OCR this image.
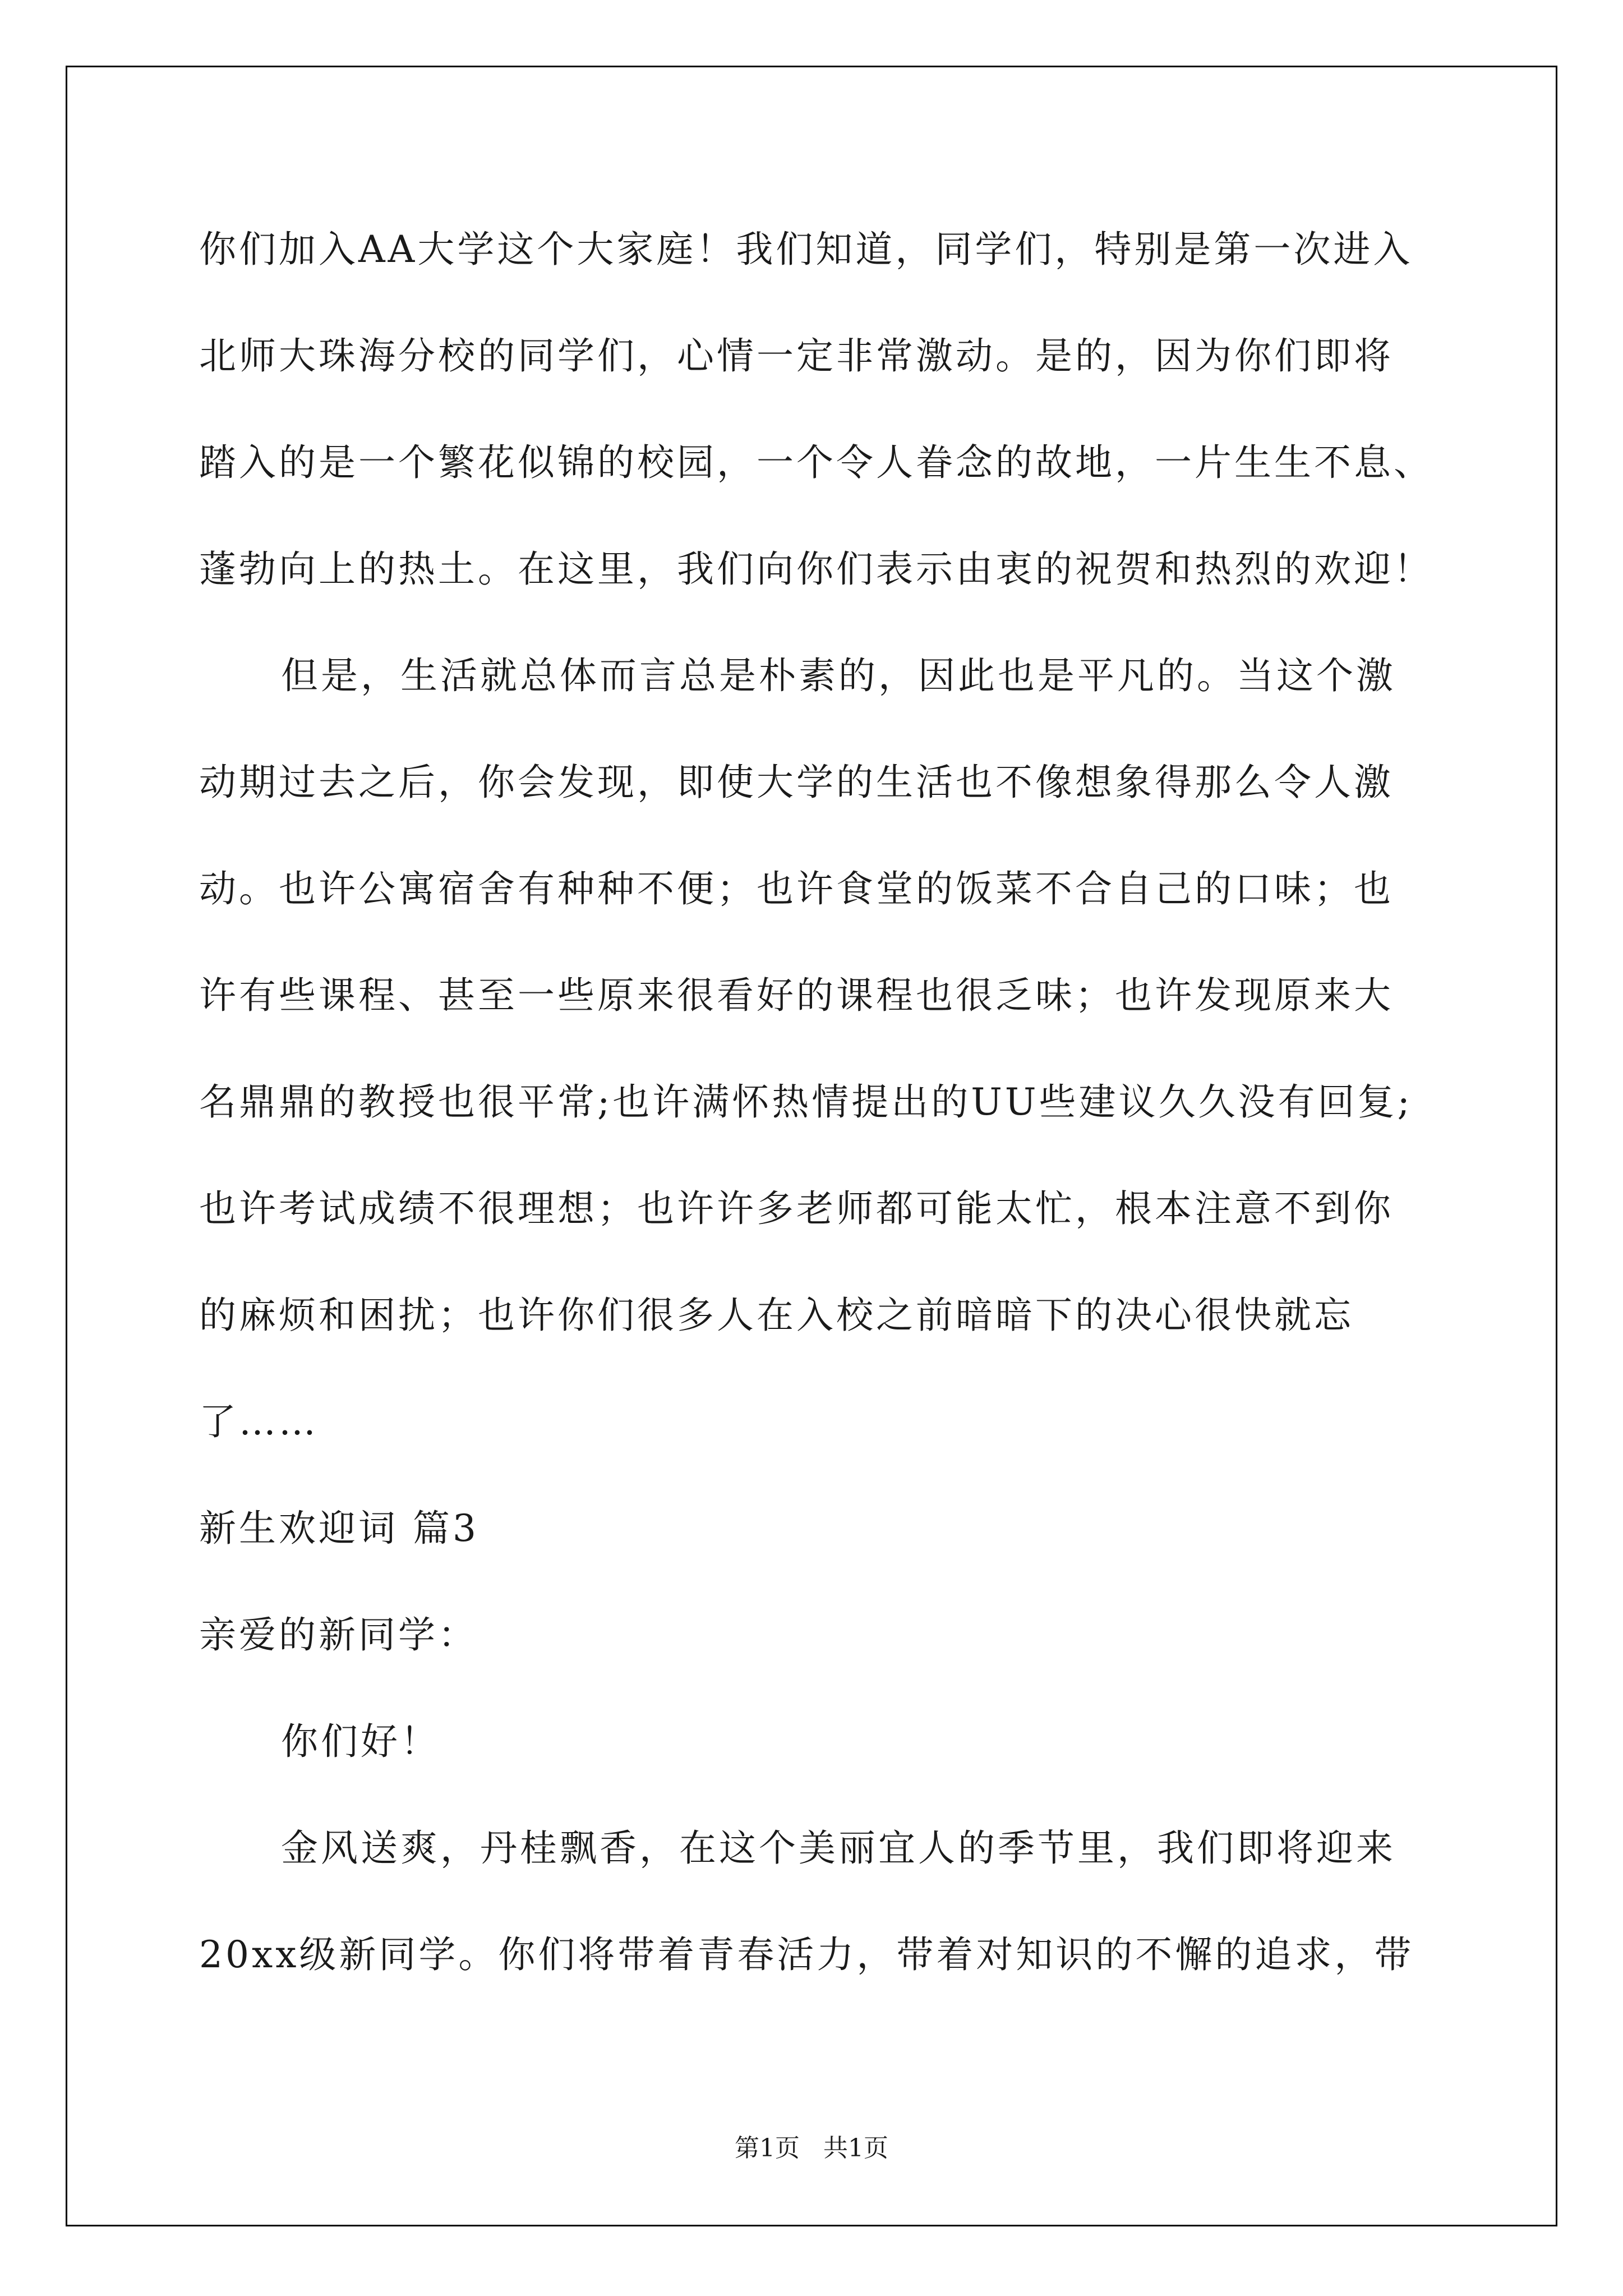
你们加入AA大学这个大家庭！我们知道，同学们，特别是第一次进入
北师大珠海分校的同学们，心情一定非常激动。是的，因为你们即将
踏入的是一个繁花似锦的校园，一个令人眷念的故地，一片生生不息、
蓬勃向上的热土。在这里，我们向你们表示由衷的祝贺和热烈的欢迎！
但是，生活就总体而言总是朴素的，因此也是平凡的。当这个激
动期过去之后，你会发现，即使大学的生活也不像想象得那么令人激
动。也许公寓宿舍有种种不便；也许食堂的饭菜不合自己的口味；也
许有些课程、甚至一些原来很看好的课程也很乏味；也许发现原来大
名鼎鼎的教授也很平常;也许满怀热情提出的UU些建议久久没有回复;
也许考试成绩不很理想；也许许多老师都可能太忙，根本注意不到你
的麻烦和困扰；也许你们很多人在入校之前暗暗下的决心很快就忘
了……
新生欢迎词 篇3
亲爱的新同学：
你们好！
金风送爽，丹桂飘香，在这个美丽宜人的季节里，我们即将迎来
20xx级新同学。你们将带着青春活力，带着对知识的不懈的追求，带
第1页   共1页
